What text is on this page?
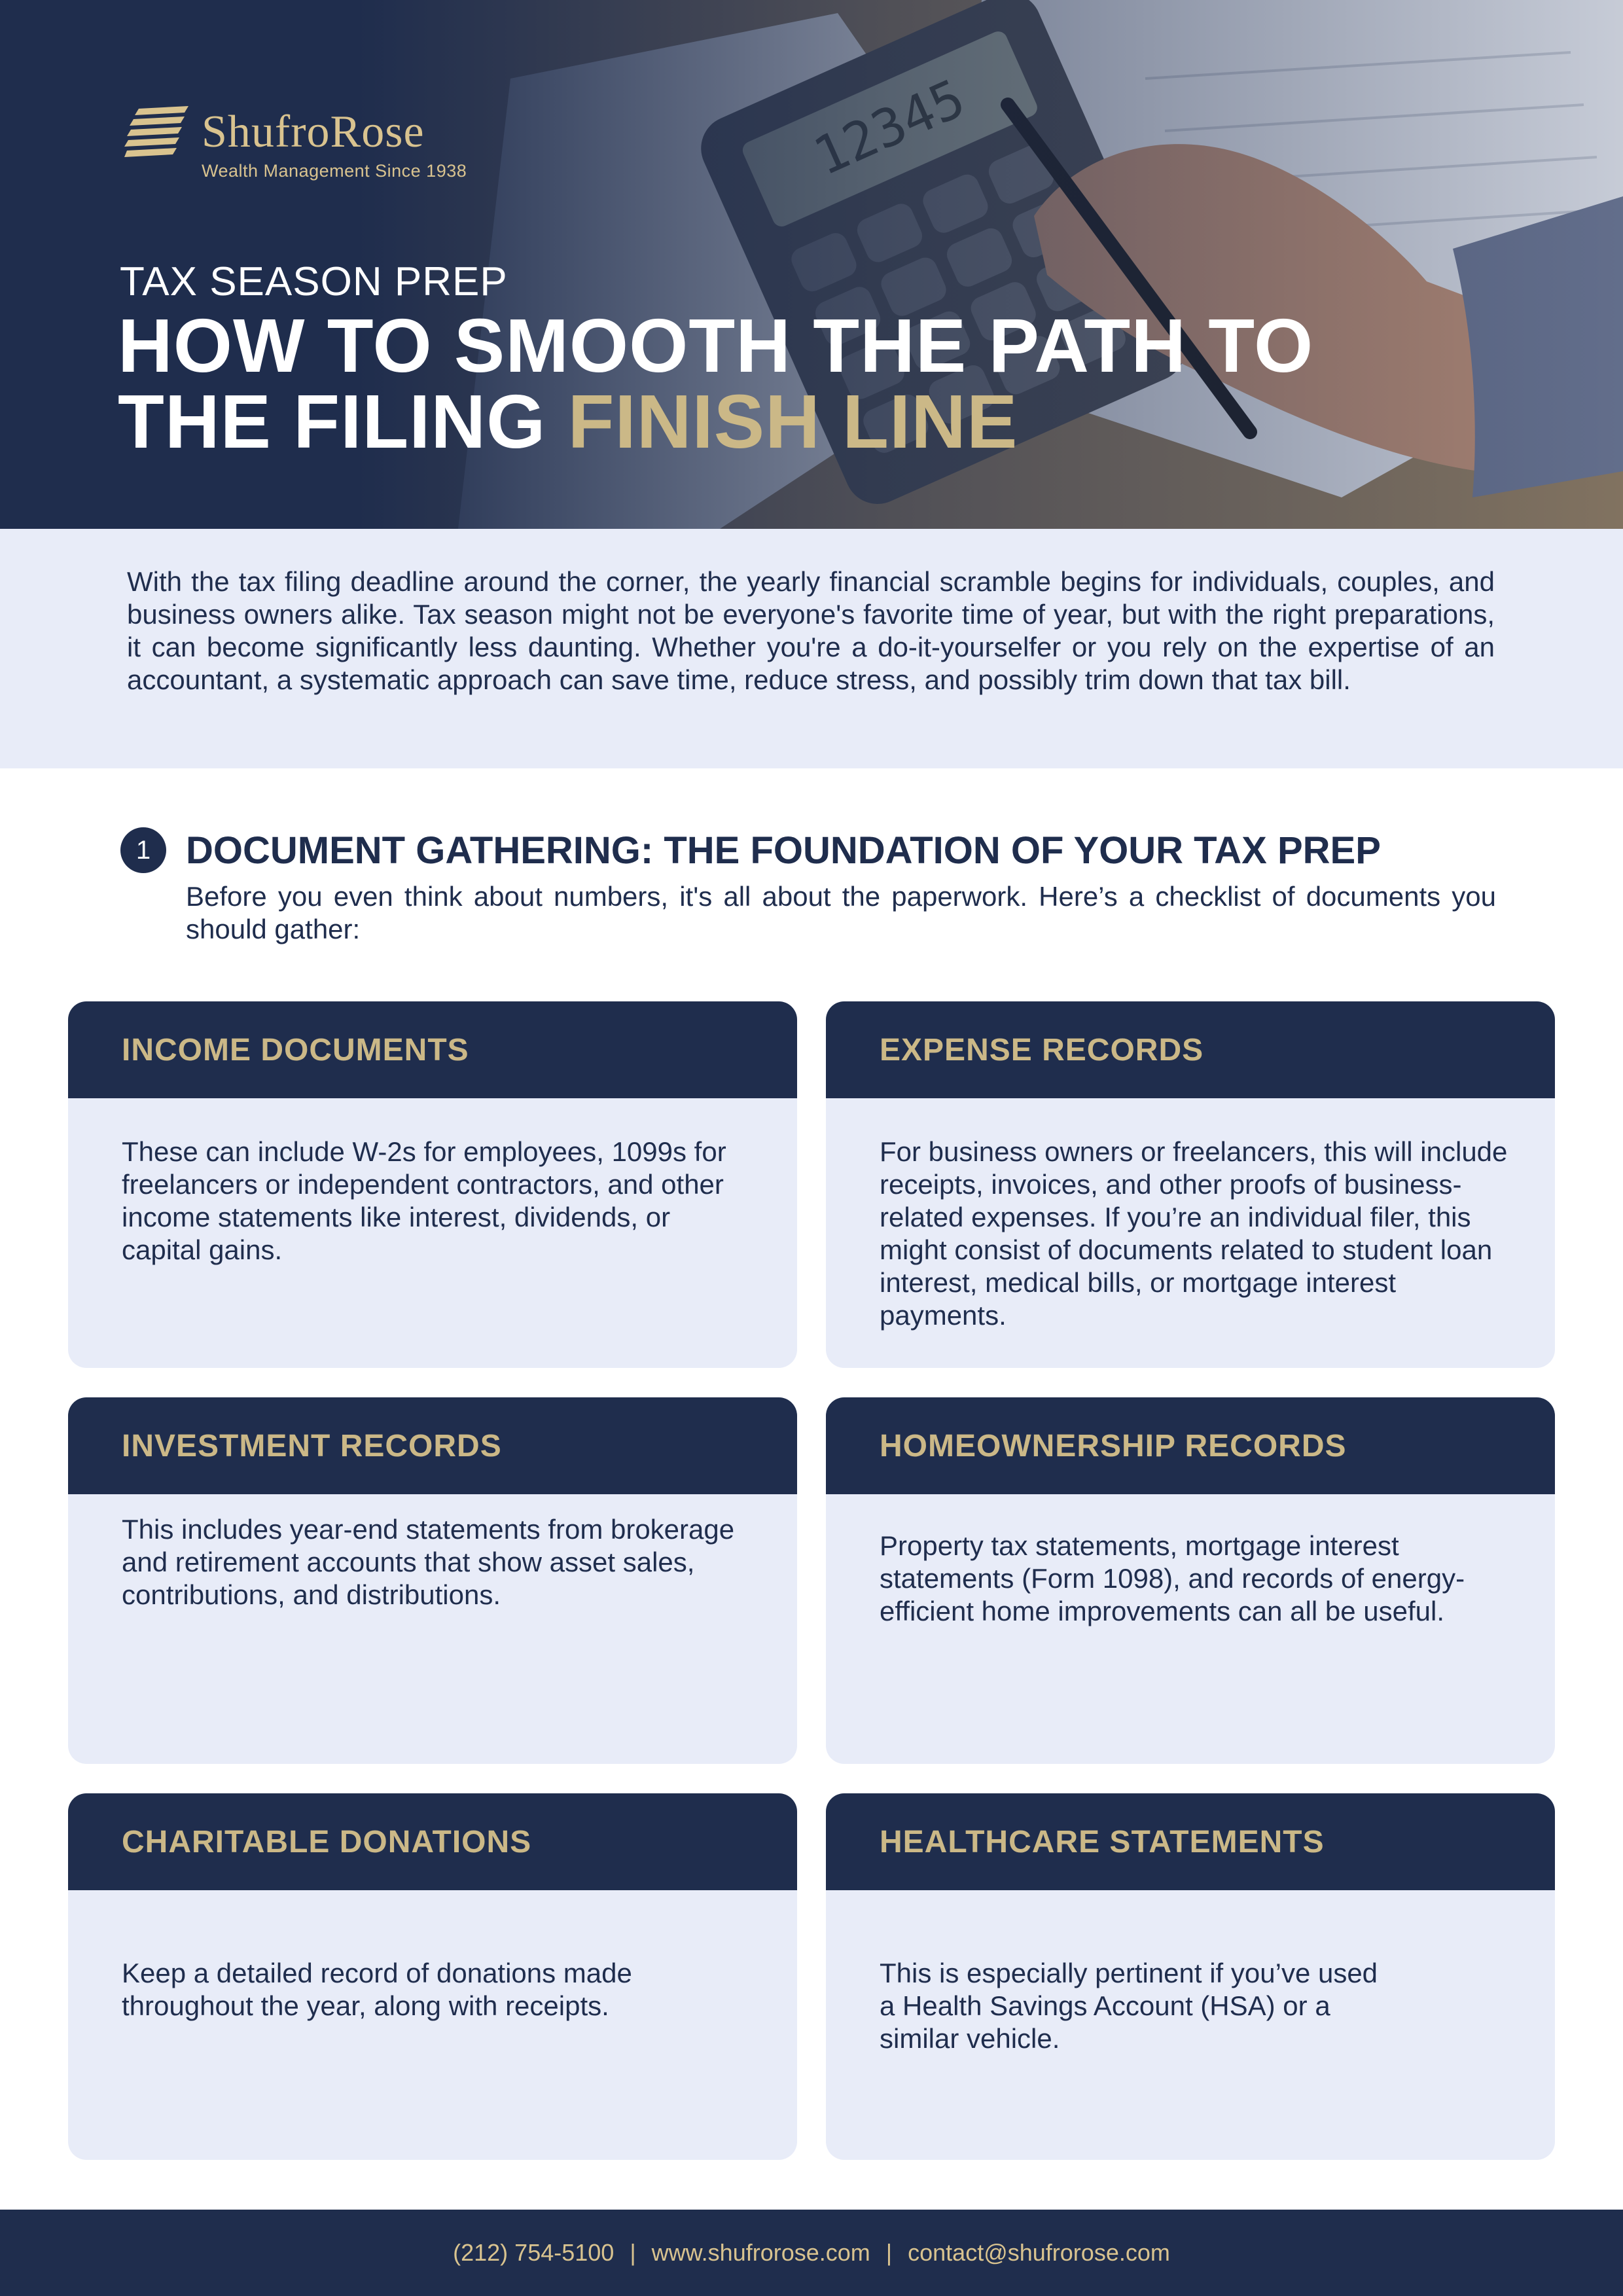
ShufroRose
Wealth Management Since 1938
TAX SEASON PREP
HOW TO SMOOTH THE PATH TO
THE FILING FINISH LINE

With the tax filing deadline around the corner, the yearly financial scramble begins for individuals, couples, and business owners alike. Tax season might not be everyone's favorite time of year, but with the right preparations, it can become significantly less daunting. Whether you're a do-it-yourselfer or you rely on the expertise of an accountant, a systematic approach can save time, reduce stress, and possibly trim down that tax bill.

1 DOCUMENT GATHERING: THE FOUNDATION OF YOUR TAX PREP

Before you even think about numbers, it's all about the paperwork. Here’s a checklist of documents you should gather:

INCOME DOCUMENTS

These can include W-2s for employees, 1099s for freelancers or independent contractors, and other income statements like interest, dividends, or capital gains.

EXPENSE RECORDS

For business owners or freelancers, this will include receipts, invoices, and other proofs of business-related expenses. If you’re an individual filer, this might consist of documents related to student loan interest, medical bills, or mortgage interest payments.

INVESTMENT RECORDS

This includes year-end statements from brokerage and retirement accounts that show asset sales, contributions, and distributions.

HOMEOWNERSHIP RECORDS

Property tax statements, mortgage interest statements (Form 1098), and records of energy-efficient home improvements can all be useful.

CHARITABLE DONATIONS

Keep a detailed record of donations made throughout the year, along with receipts.

HEALTHCARE STATEMENTS

This is especially pertinent if you’ve used a Health Savings Account (HSA) or a similar vehicle.

(212) 754-5100 | www.shufrorose.com | contact@shufrorose.com
